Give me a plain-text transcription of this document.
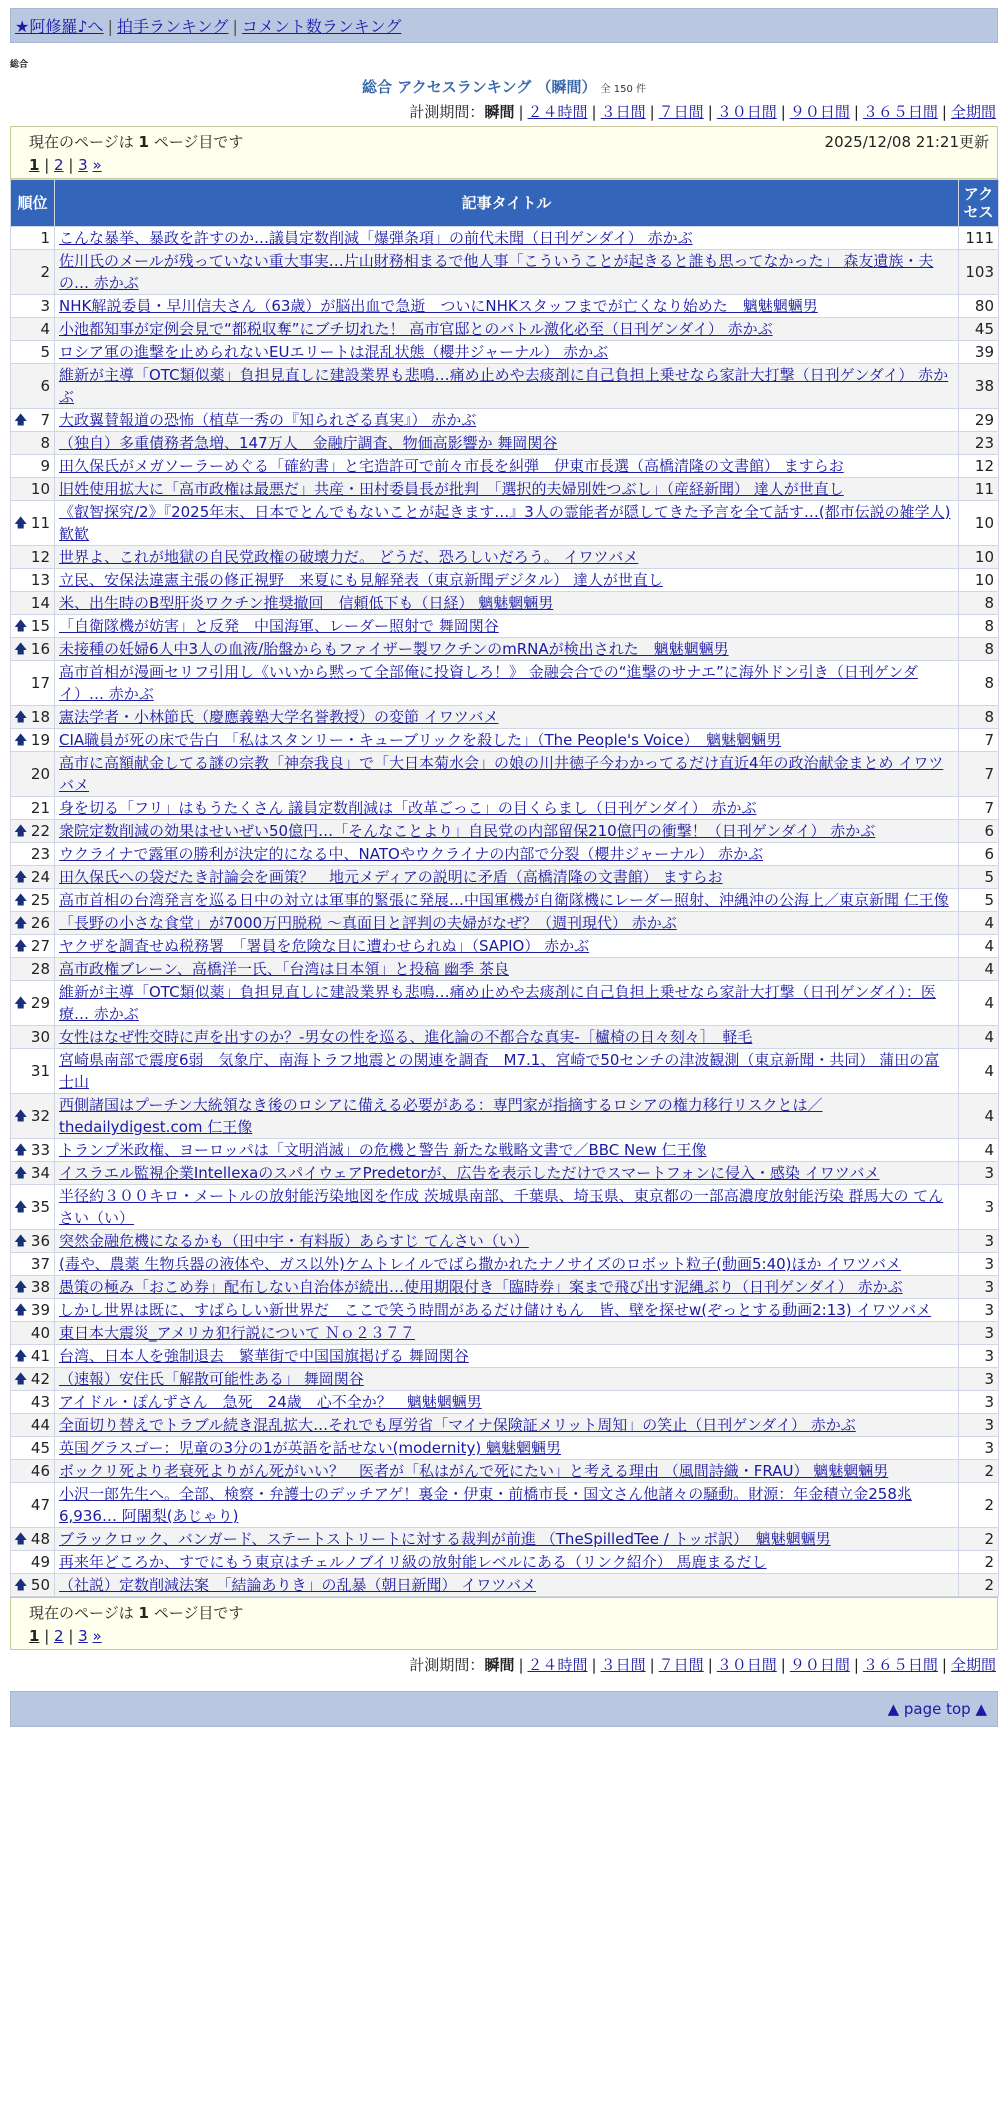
★阿修羅♪へ | 拍手ランキング | コメント数ランキング
総合
総合 アクセスランキング （瞬間） 全 150 件
計測期間：瞬間 | ２４時間 | ３日間 | ７日間 | ３０日間 | ９０日間 | ３６５日間 | 全期間
現在のページは 1 ページ目です
1 | 2 | 3 »
2025/12/08 21:21更新
順位	記事タイトル	アクセス
1	こんな暴挙、暴政を許すのか…議員定数削減「爆弾条項」の前代未聞（日刊ゲンダイ） 赤かぶ	111
2	佐川氏のメールが残っていない重大事実…片山財務相まるで他人事「こういうことが起きると誰も思ってなかった」 森友遺族・夫の… 赤かぶ	103
3	NHK解説委員・早川信夫さん（63歳）が脳出血で急逝　ついにNHKスタッフまでが亡くなり始めた　魑魅魍魎男	80
4	小池都知事が定例会見で“都税収奪”にブチ切れた！ 高市官邸とのバトル激化必至（日刊ゲンダイ） 赤かぶ	45
5	ロシア軍の進撃を止められないEUエリートは混乱状態（櫻井ジャーナル） 赤かぶ	39
6	維新が主導「OTC類似薬」負担見直しに建設業界も悲鳴…痛め止めや去痰剤に自己負担上乗せなら家計大打撃（日刊ゲンダイ） 赤かぶ	38

🡅 7	大政翼賛報道の恐怖（植草一秀の『知られざる真実』） 赤かぶ	29
8	（独自）多重債務者急増、147万人　金融庁調査、物価高影響か 舞岡関谷	23
9	田久保氏がメガソーラーめぐる「確約書」と宅造許可で前々市長を糾弾　伊東市長選（高橋清隆の文書館） ますらお	12
10	旧姓使用拡大に「高市政権は最悪だ」共産・田村委員長が批判　「選択的夫婦別姓つぶし」（産経新聞） 達人が世直し	11

🡅 11	《叡智探究/2》『2025年末、日本でとんでもないことが起きます…』3人の霊能者が隠してきた予言を全て話す…(都市伝説の雑学人) 歓歓	10
12	世界よ、これが地獄の自民党政権の破壊力だ。 どうだ、恐ろしいだろう。 イワツバメ	10
13	立民、安保法違憲主張の修正視野　来夏にも見解発表（東京新聞デジタル） 達人が世直し	10
14	米、出生時のB型肝炎ワクチン推奨撤回　信頼低下も（日経） 魑魅魍魎男	8

🡅 15	「自衛隊機が妨害」と反発　中国海軍、レーダー照射で 舞岡関谷	8

🡅 16	未接種の妊婦6人中3人の血液/胎盤からもファイザー製ワクチンのmRNAが検出された　魑魅魍魎男	8
17	高市首相が漫画セリフ引用し《いいから黙って全部俺に投資しろ！》 金融会合での“進撃のサナエ”に海外ドン引き（日刊ゲンダイ）… 赤かぶ	8

🡅 18	憲法学者・小林節氏（慶應義塾大学名誉教授）の変節 イワツバメ	8

🡅 19	CIA職員が死の床で告白 「私はスタンリー・キューブリックを殺した」（The People's Voice）　魑魅魍魎男	7
20	高市に高額献金してる謎の宗教「神奈我良」で「大日本菊水会」の娘の川井徳子今わかってるだけ直近4年の政治献金まとめ イワツバメ	7
21	身を切る「フリ」はもうたくさん 議員定数削減は「改革ごっこ」の目くらまし（日刊ゲンダイ） 赤かぶ	7

🡅 22	衆院定数削減の効果はせいぜい50億円…「そんなことより」自民党の内部留保210億円の衝撃！（日刊ゲンダイ） 赤かぶ	6
23	ウクライナで露軍の勝利が決定的になる中、NATOやウクライナの内部で分裂（櫻井ジャーナル） 赤かぶ	6

🡅 24	田久保氏への袋だたき討論会を画策？　地元メディアの説明に矛盾（高橋清隆の文書館） ますらお	5

🡅 25	高市首相の台湾発言を巡る日中の対立は軍事的緊張に発展…中国軍機が自衛隊機にレーダー照射、沖縄沖の公海上／東京新聞 仁王像	5

🡅 26	「長野の小さな食堂」が7000万円脱税 ～真面目と評判の夫婦がなぜ？（週刊現代） 赤かぶ	4

🡅 27	ヤクザを調査せぬ税務署　「署員を危険な目に遭わせられぬ」（SAPIO） 赤かぶ	4
28	高市政権ブレーン、高橋洋一氏、「台湾は日本領」と投稿 幽季 茶良	4

🡅 29	維新が主導「OTC類似薬」負担見直しに建設業界も悲鳴…痛め止めや去痰剤に自己負担上乗せなら家計大打撃（日刊ゲンダイ）：医療… 赤かぶ	4
30	女性はなぜ性交時に声を出すのか？-男女の性を巡る、進化論の不都合な真実-［櫨椅の日々刻々］　軽毛	4
31	宮崎県南部で震度6弱　気象庁、南海トラフ地震との関連を調査　M7.1、宮崎で50センチの津波観測（東京新聞・共同） 蒲田の富士山	4

🡅 32	西側諸国はプーチン大統領なき後のロシアに備える必要がある：専門家が指摘するロシアの権力移行リスクとは／thedailydigest.com 仁王像	4

🡅 33	トランプ米政権、ヨーロッパは「文明消滅」の危機と警告 新たな戦略文書で／BBC New 仁王像	4

🡅 34	イスラエル監視企業IntellexaのスパイウェアPredetorが、広告を表示しただけでスマートフォンに侵入・感染 イワツバメ	3

🡅 35	半径約３００キロ・メートルの放射能汚染地図を作成 茨城県南部、千葉県、埼玉県、東京都の一部高濃度放射能汚染 群馬大の てんさい（い）	3

🡅 36	突然金融危機になるかも（田中宇・有料版）あらすじ てんさい（い）	3
37	(毒や、農薬 生物兵器の液体や、ガス以外)ケムトレイルでばら撒かれたナノサイズのロボット粒子(動画5:40)ほか イワツバメ	3

🡅 38	愚策の極み「おこめ券」配布しない自治体が続出…使用期限付き「臨時券」案まで飛び出す泥縄ぶり（日刊ゲンダイ） 赤かぶ	3

🡅 39	しかし世界は既に、すばらしい新世界だ　ここで笑う時間があるだけ儲けもん　皆、壁を探せw(ぞっとする動画2:13) イワツバメ	3
40	東日本大震災_アメリカ犯行説について Ｎｏ２３７７	3

🡅 41	台湾、日本人を強制退去　繁華街で中国国旗掲げる 舞岡関谷	3

🡅 42	（速報）安住氏「解散可能性ある」 舞岡関谷	3
43	アイドル・ぽんずさん　急死　24歳　心不全か？　魑魅魍魎男	3
44	全面切り替えでトラブル続き混乱拡大…それでも厚労省「マイナ保険証メリット周知」の笑止（日刊ゲンダイ） 赤かぶ	3
45	英国グラスゴー：児童の3分の1が英語を話せない(modernity) 魑魅魍魎男	3
46	ボックリ死より老衰死よりがん死がいい？　医者が「私はがんで死にたい」と考える理由 （風間詩織・FRAU） 魑魅魍魎男	2
47	小沢一郎先生へ。全部、検察・弁護士のデッチアゲ！裏金・伊東・前橋市長・国文さん他諸々の騒動。財源：年金積立金258兆6,936… 阿闍梨(あじゃり)	2

🡅 48	ブラックロック、バンガード、ステートストリートに対する裁判が前進 （TheSpilledTee / トッポ訳）　魑魅魍魎男	2
49	再来年どころか、すでにもう東京はチェルノブイリ級の放射能レベルにある（リンク紹介） 馬鹿まるだし	2

🡅 50	（社説）定数削減法案　「結論ありき」の乱暴（朝日新聞） イワツバメ	2
現在のページは 1 ページ目です
1 | 2 | 3 »
計測期間：瞬間 | ２４時間 | ３日間 | ７日間 | ３０日間 | ９０日間 | ３６５日間 | 全期間
▲ page top ▲
